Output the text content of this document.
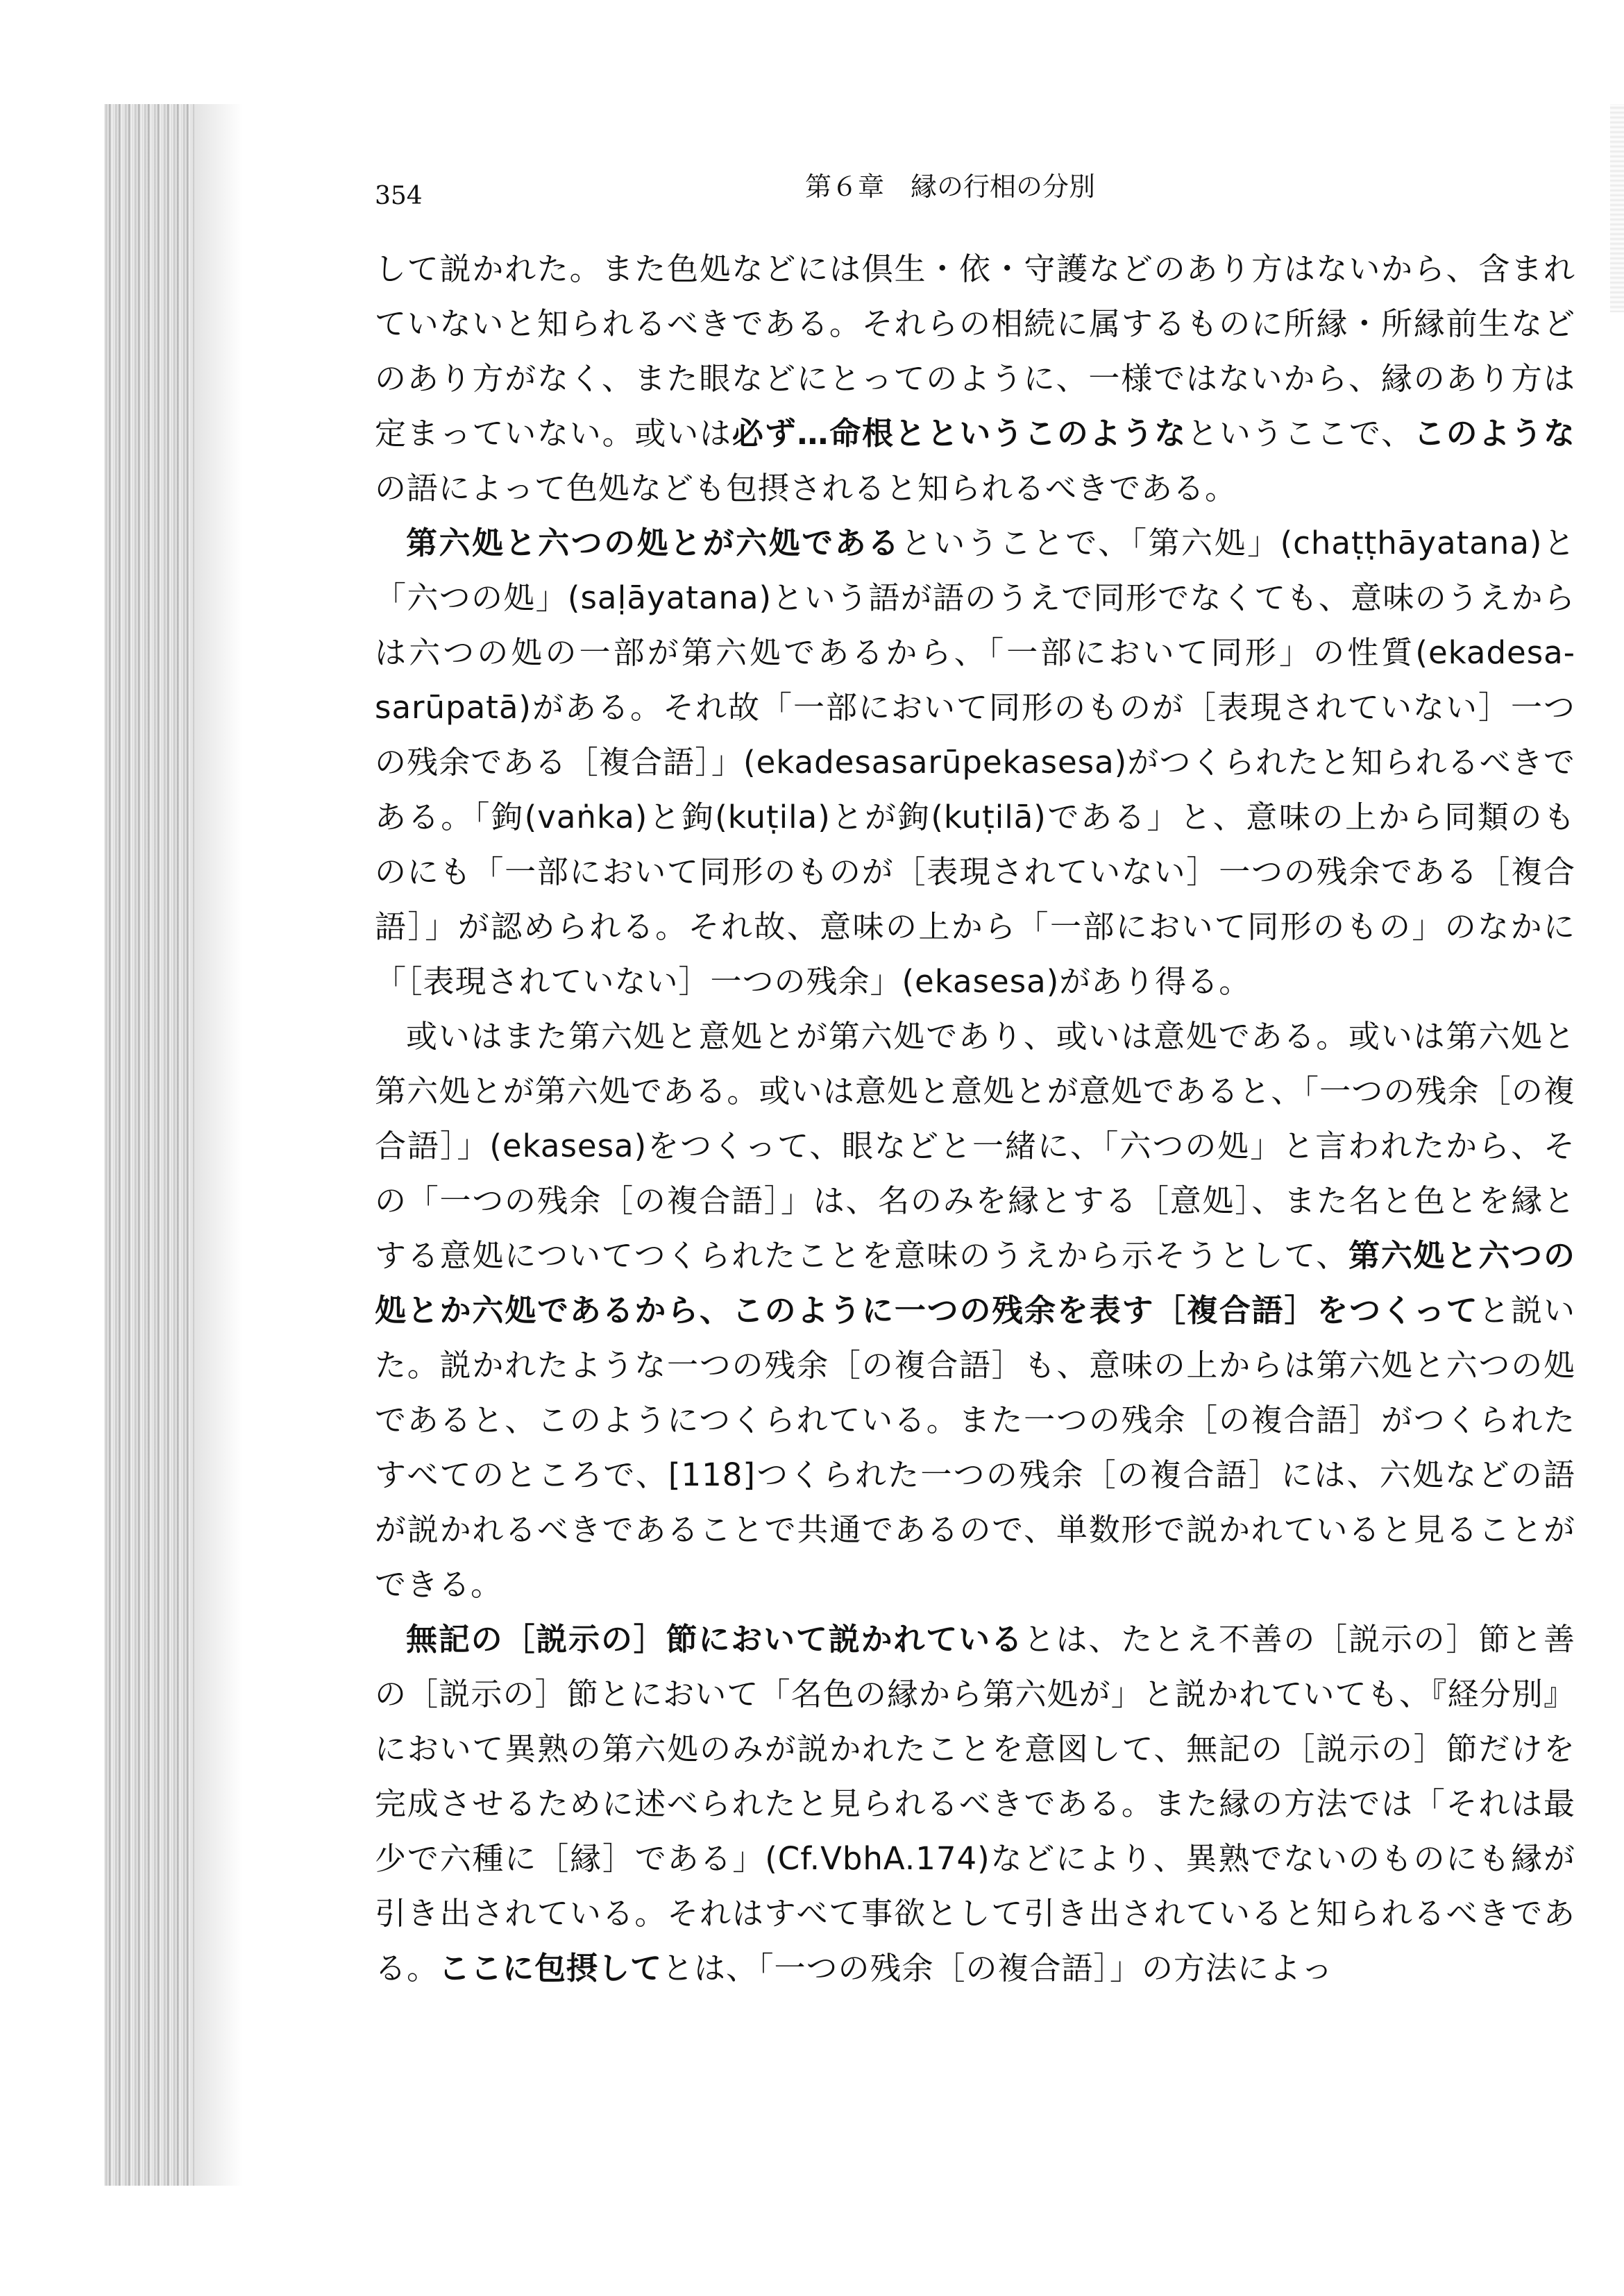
354	第６章　縁の行相の分別

して説かれた。また色処などには倶生・依・守護などのあり方はないから、含まれていないと知られるべきである。それらの相続に属するものに所縁・所縁前生などのあり方がなく、また眼などにとってのように、一様ではないから、縁のあり方は定まっていない。或いは必ず…命根とというこのようなというここで、このようなの語によって色処なども包摂されると知られるべきである。

第六処と六つの処とが六処であるということで、「第六処」(chaṭṭhāyatana)と「六つの処」(saḷāyatana)という語が語のうえで同形でなくても、意味のうえからは六つの処の一部が第六処であるから、「一部において同形」の性質(ekadesa-sarūpatā)がある。それ故「一部において同形のものが［表現されていない］一つの残余である［複合語］」(ekadesasarūpekasesa)がつくられたと知られるべきである。「鉤(vaṅka)と鉤(kuṭila)とが鉤(kuṭilā)である」と、意味の上から同類のものにも「一部において同形のものが［表現されていない］一つの残余である［複合語］」が認められる。それ故、意味の上から「一部において同形のもの」のなかに「［表現されていない］一つの残余」(ekasesa)があり得る。

或いはまた第六処と意処とが第六処であり、或いは意処である。或いは第六処と第六処とが第六処である。或いは意処と意処とが意処であると、「一つの残余［の複合語］」(ekasesa)をつくって、眼などと一緒に、「六つの処」と言われたから、その「一つの残余［の複合語］」は、名のみを縁とする［意処］、また名と色とを縁とする意処についてつくられたことを意味のうえから示そうとして、第六処と六つの処とか六処であるから、このように一つの残余を表す［複合語］をつくってと説いた。説かれたような一つの残余［の複合語］も、意味の上からは第六処と六つの処であると、このようにつくられている。また一つの残余［の複合語］がつくられたすべてのところで、[118]つくられた一つの残余［の複合語］には、六処などの語が説かれるべきであることで共通であるので、単数形で説かれていると見ることができる。

無記の［説示の］節において説かれているとは、たとえ不善の［説示の］節と善の［説示の］節とにおいて「名色の縁から第六処が」と説かれていても、『経分別』において異熟の第六処のみが説かれたことを意図して、無記の［説示の］節だけを完成させるために述べられたと見られるべきである。また縁の方法では「それは最少で六種に［縁］である」(Cf.VbhA.174)などにより、異熟でないのものにも縁が引き出されている。それはすべて事欲として引き出されていると知られるべきである。ここに包摂してとは、「一つの残余［の複合語］」の方法によっ
